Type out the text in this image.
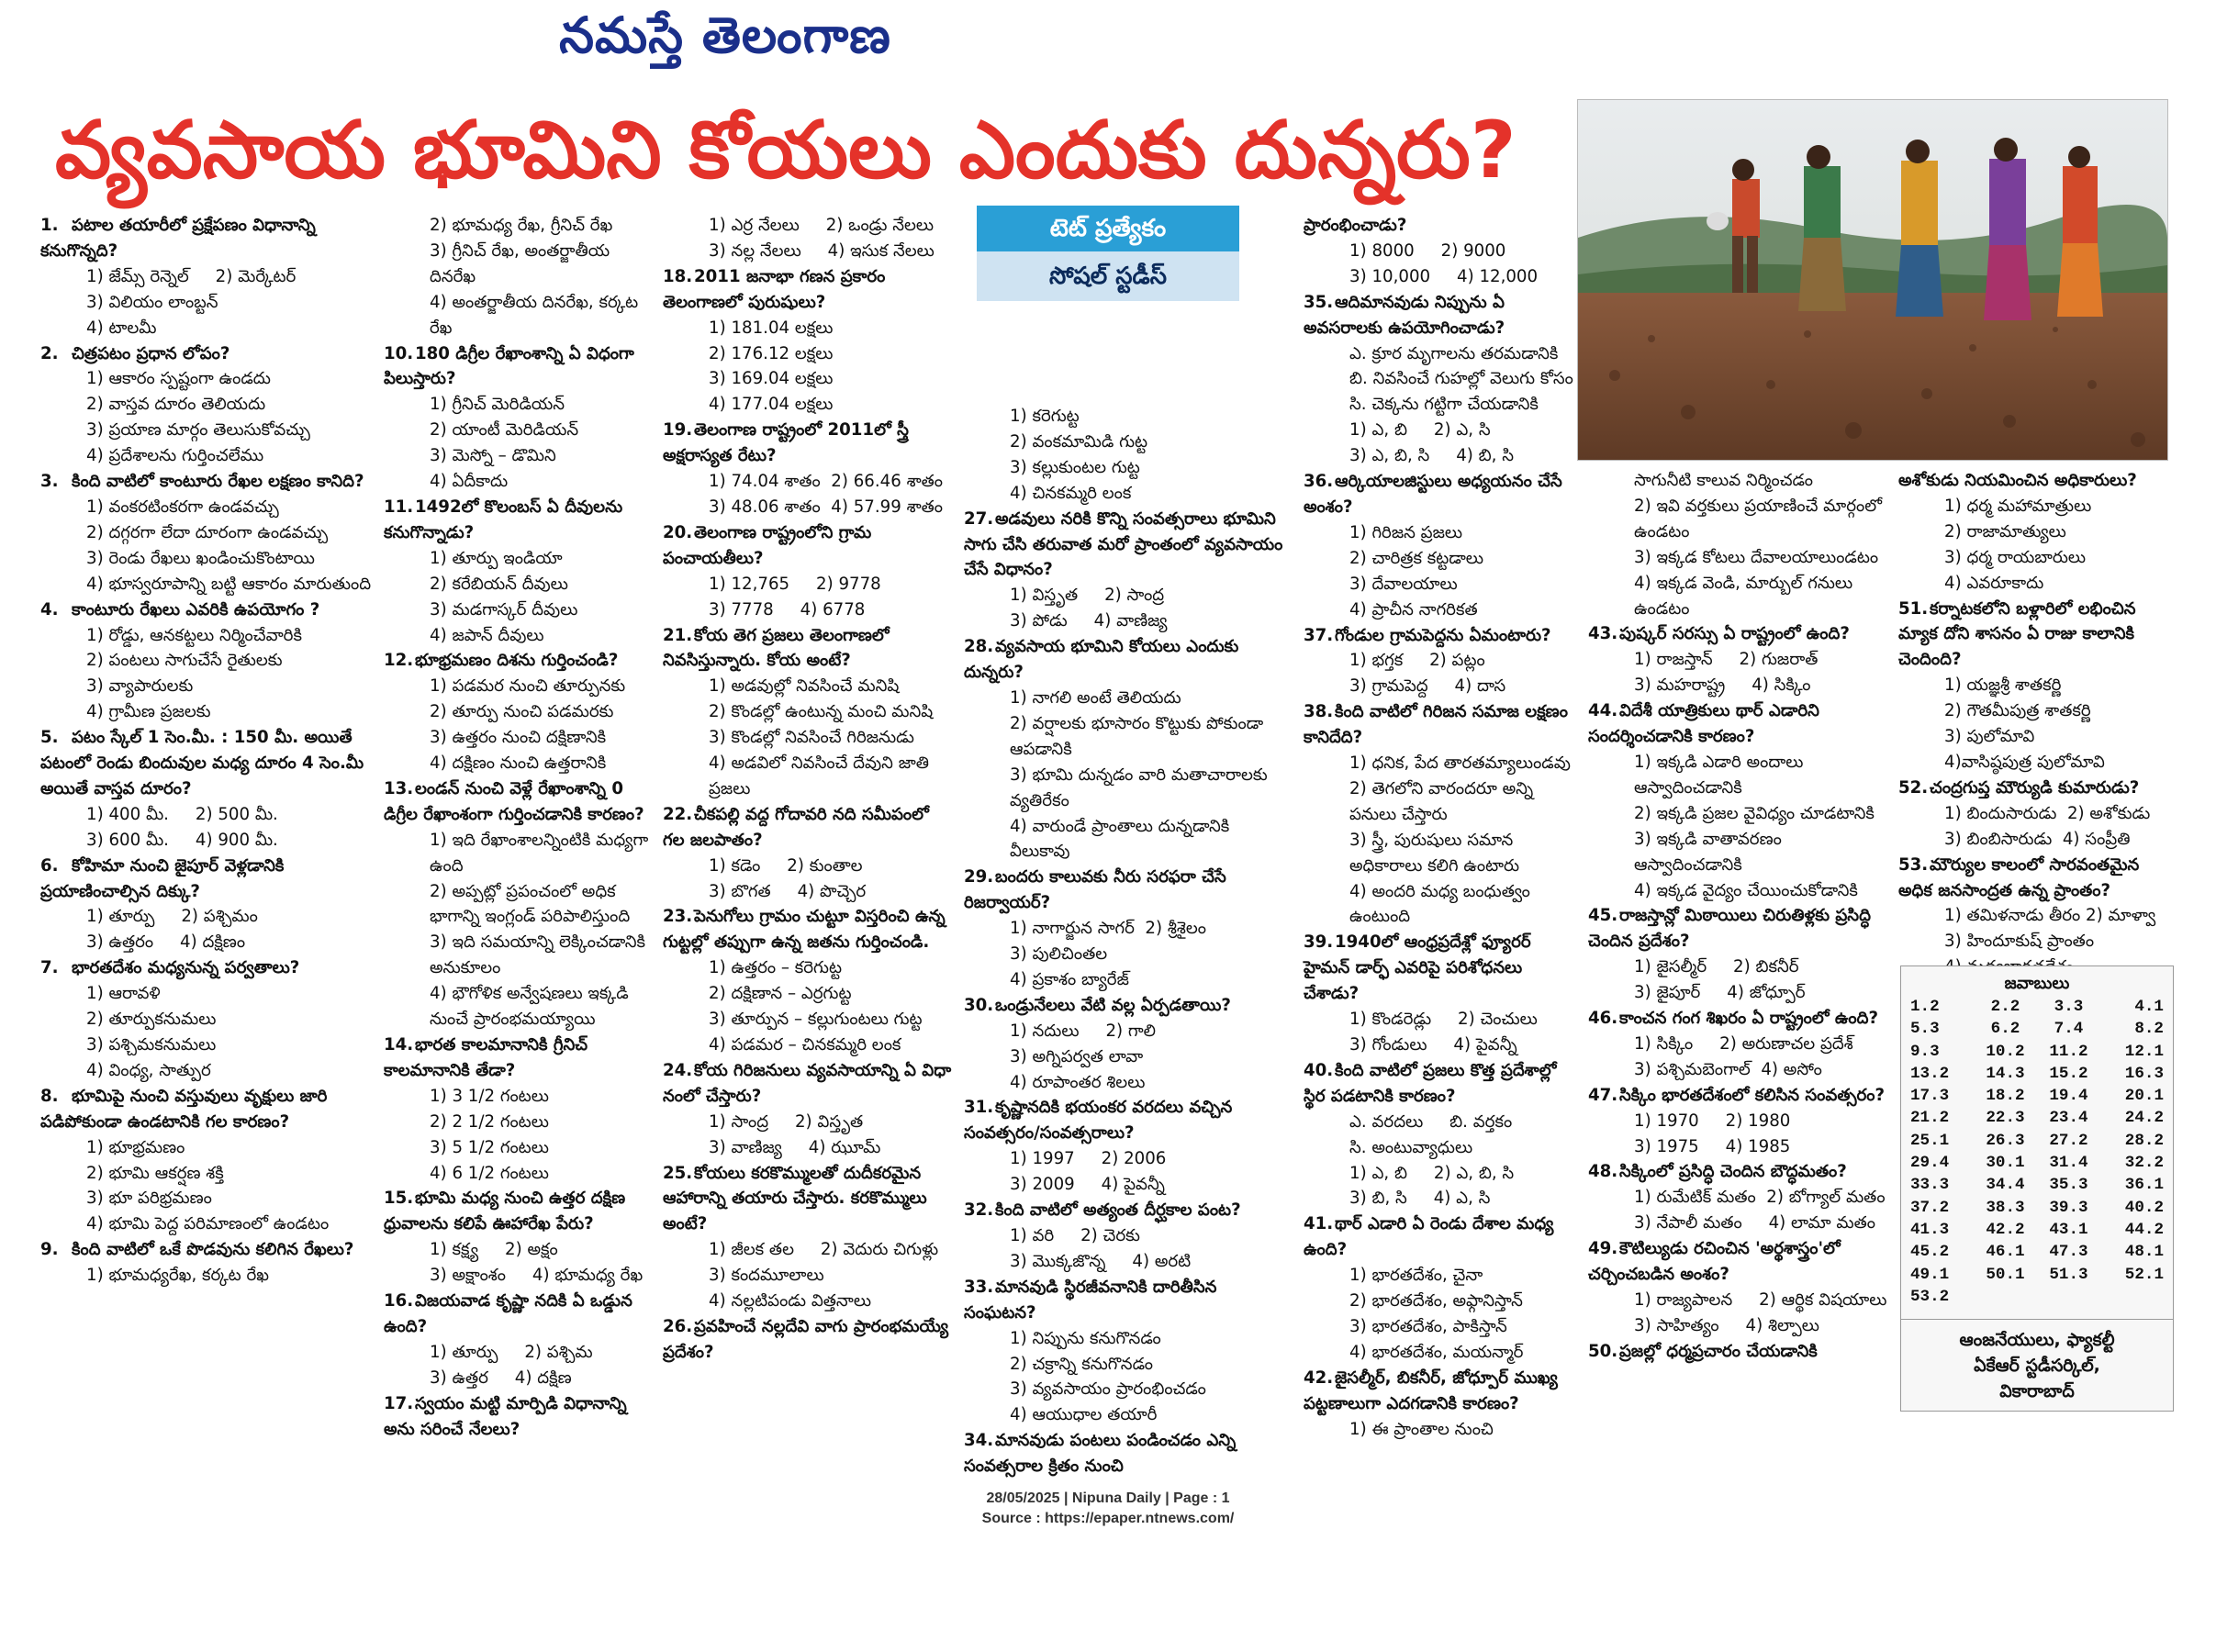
నమస్తే తెలంగాణ
వ్యవసాయ భూమిని కోయలు ఎందుకు దున్నరు?
టెట్ ప్రత్యేకం
సోషల్ స్టడీస్
1. పటాల తయారీలో ప్రక్షేపణం విధానాన్ని కనుగొన్నది?
1) జేమ్స్ రెన్నెల్     2) మెర్కేటర్
3) విలియం లాంబ్టన్
4) టాలమీ
2. చిత్రపటం ప్రధాన లోపం?
1) ఆకారం స్పష్టంగా ఉండదు
2) వాస్తవ దూరం తెలియదు
3) ప్రయాణ మార్గం తెలుసుకోవచ్చు
4) ప్రదేశాలను గుర్తించలేము
3. కింది వాటిలో కాంటూరు రేఖల లక్షణం కానిది?
1) వంకరటింకరగా ఉండవచ్చు
2) దగ్గరగా లేదా దూరంగా ఉండవచ్చు
3) రెండు రేఖలు ఖండించుకొంటాయి
4) భూస్వరూపాన్ని బట్టి ఆకారం మారుతుంది
4. కాంటూరు రేఖలు ఎవరికి ఉపయోగం ?
1) రోడ్డు, ఆనకట్టలు నిర్మించేవారికి
2) పంటలు సాగుచేసే రైతులకు
3) వ్యాపారులకు
4) గ్రామీణ ప్రజలకు
5. పటం స్కేల్ 1 సెం.మీ. : 150 మీ. అయితే పటంలో రెండు బిందువుల మధ్య దూరం 4 సెం.మీ అయితే వాస్తవ దూరం?
1) 400 మీ.     2) 500 మీ.
3) 600 మీ.     4) 900 మీ.
6. కోహిమా నుంచి జైపూర్ వెళ్లడానికి ప్రయాణించాల్సిన దిక్కు?
1) తూర్పు     2) పశ్చిమం
3) ఉత్తరం     4) దక్షిణం
7. భారతదేశం మధ్యనున్న పర్వతాలు?
1) ఆరావళి
2) తూర్పుకనుమలు
3) పశ్చిమకనుమలు
4) వింధ్య, సాత్పుర
8. భూమిపై నుంచి వస్తువులు వృక్షులు జారి పడిపోకుండా ఉండటానికి గల కారణం?
1) భూభ్రమణం
2) భూమి ఆకర్షణ శక్తి
3) భూ పరిభ్రమణం
4) భూమి పెద్ద పరిమాణంలో ఉండటం
9. కింది వాటిలో ఒకే పొడవును కలిగిన రేఖలు?
1) భూమధ్యరేఖ, కర్కట రేఖ
2) భూమధ్య రేఖ, గ్రీనిచ్ రేఖ
3) గ్రీనిచ్ రేఖ, అంతర్జాతీయ దినరేఖ
4) అంతర్జాతీయ దినరేఖ, కర్కట రేఖ
10.180 డిగ్రీల రేఖాంశాన్ని ఏ విధంగా పిలుస్తారు?
1) గ్రీనిచ్ మెరిడియన్
2) యాంటీ మెరిడియన్
3) మెస్నో – డొమిని
4) ఏదీకాదు
11.1492లో కొలంబస్ ఏ దీవులను కనుగొన్నాడు?
1) తూర్పు ఇండియా
2) కరేబియన్ దీవులు
3) మడగాస్కర్ దీవులు
4) జపాన్ దీవులు
12.భూభ్రమణం దిశను గుర్తించండి?
1) పడమర నుంచి తూర్పునకు
2) తూర్పు నుంచి పడమరకు
3) ఉత్తరం నుంచి దక్షిణానికి
4) దక్షిణం నుంచి ఉత్తరానికి
13.లండన్ నుంచి వెళ్లే రేఖాంశాన్ని 0 డిగ్రీల రేఖాంశంగా గుర్తించడానికి కారణం?
1) ఇది రేఖాంశాలన్నింటికి మధ్యగా ఉంది
2) అప్పట్లో ప్రపంచంలో అధిక భాగాన్ని ఇంగ్లండ్ పరిపాలిస్తుంది
3) ఇది సమయాన్ని లెక్కించడానికి అనుకూలం
4) భౌగోళిక అన్వేషణలు ఇక్కడి నుంచే ప్రారంభమయ్యాయి
14.భారత కాలమానానికి గ్రీనిచ్ కాలమానానికి తేడా?
1) 3 1/2 గంటలు
2) 2 1/2 గంటలు
3) 5 1/2 గంటలు
4) 6 1/2 గంటలు
15.భూమి మధ్య నుంచి ఉత్తర దక్షిణ ధ్రువాలను కలిపే ఊహారేఖ పేరు?
1) కక్ష్య     2) అక్షం
3) అక్షాంశం     4) భూమధ్య రేఖ
16.విజయవాడ కృష్ణా నదికి ఏ ఒడ్డున ఉంది?
1) తూర్పు     2) పశ్చిమ
3) ఉత్తర     4) దక్షిణ
17.స్వయం మట్టి మార్పిడి విధానాన్ని అను సరించే నేలలు?
1) ఎర్ర నేలలు     2) ఒండ్రు నేలలు
3) నల్ల నేలలు     4) ఇసుక నేలలు
18.2011 జనాభా గణన ప్రకారం తెలంగాణలో పురుషులు?
1) 181.04 లక్షలు
2) 176.12 లక్షలు
3) 169.04 లక్షలు
4) 177.04 లక్షలు
19.తెలంగాణ రాష్ట్రంలో 2011లో స్త్రీ అక్షరాస్యత రేటు?
1) 74.04 శాతం  2) 66.46 శాతం
3) 48.06 శాతం  4) 57.99 శాతం
20.తెలంగాణ రాష్ట్రంలోని గ్రామ పంచాయతీలు?
1) 12,765     2) 9778
3) 7778     4) 6778
21.కోయ తెగ ప్రజలు తెలంగాణలో నివసిస్తున్నారు. కోయ అంటే?
1) అడవుల్లో నివసించే మనిషి
2) కొండల్లో ఉంటున్న మంచి మనిషి
3) కొండల్లో నివసించే గిరిజనుడు
4) అడవిలో నివసించే దేవుని జాతి ప్రజలు
22.చీకపల్లి వద్ద గోదావరి నది సమీపంలో గల జలపాతం?
1) కడెం     2) కుంతాల
3) బొగత     4) పొచ్చెర
23.పెనుగోలు గ్రామం చుట్టూ విస్తరించి ఉన్న గుట్టల్లో తప్పుగా ఉన్న జతను గుర్తించండి.
1) ఉత్తరం – కరెగుట్ట
2) దక్షిణాన – ఎర్రగుట్ట
3) తూర్పున – కల్లుగుంటలు గుట్ట
4) పడమర – చినకమ్మరి లంక
24.కోయ గిరిజనులు వ్యవసాయాన్ని ఏ విధా నంలో చేస్తారు?
1) సాంద్ర     2) విస్తృత
3) వాణిజ్య     4) ఝూమ్
25.కోయలు కరకొమ్ములతో దుదీకరమైన ఆహారాన్ని తయారు చేస్తారు. కరకొమ్ములు అంటే?
1) జీలక తల     2) వెదురు చిగుళ్లు
3) కందమూలాలు
4) నల్లటిపండు విత్తనాలు
26.ప్రవహించే నల్లదేవి వాగు ప్రారంభమయ్యే ప్రదేశం?
1) కరెగుట్ట
2) వంకమామిడి గుట్ట
3) కల్లుకుంటల గుట్ట
4) చినకమ్మరి లంక
27.అడవులు నరికి కొన్ని సంవత్సరాలు భూమిని సాగు చేసి తరువాత మరో ప్రాంతంలో వ్యవసాయం చేసే విధానం?
1) విస్తృత     2) సాంద్ర
3) పోడు     4) వాణిజ్య
28.వ్యవసాయ భూమిని కోయలు ఎందుకు దున్నరు?
1) నాగలి అంటే తెలియదు
2) వర్షాలకు భూసారం కొట్టుకు పోకుండా ఆపడానికి
3) భూమి దున్నడం వారి మతాచారాలకు వ్యతిరేకం
4) వారుండే ప్రాంతాలు దున్నడానికి వీలుకావు
29.బందరు కాలువకు నీరు సరఫరా చేసే రిజర్వాయర్?
1) నాగార్జున సాగర్  2) శ్రీశైలం
3) పులిచింతల
4) ప్రకాశం బ్యారేజ్
30.ఒండ్రునేలలు వేటి వల్ల ఏర్పడతాయి?
1) నదులు     2) గాలి
3) అగ్నిపర్వత లావా
4) రూపాంతర శిలలు
31.కృష్ణానదికి భయంకర వరదలు వచ్చిన సంవత్సరం/సంవత్సరాలు?
1) 1997     2) 2006
3) 2009     4) పైవన్నీ
32.కింది వాటిలో అత్యంత దీర్ఘకాల పంట?
1) వరి     2) చెరకు
3) మొక్కజొన్న     4) అరటి
33.మానవుడి స్థిరజీవనానికి దారితీసిన సంఘటన?
1) నిప్పును కనుగొనడం
2) చక్రాన్ని కనుగొనడం
3) వ్యవసాయం ప్రారంభించడం
4) ఆయుధాల తయారీ
34.మానవుడు పంటలు పండించడం ఎన్ని సంవత్సరాల క్రితం నుంచి
ప్రారంభించాడు?
1) 8000     2) 9000
3) 10,000     4) 12,000
35.ఆదిమానవుడు నిప్పును ఏ అవసరాలకు ఉపయోగించాడు?
ఎ. క్రూర మృగాలను తరమడానికి
బి. నివసించే గుహల్లో వెలుగు కోసం
సి. చెక్కను గట్టిగా చేయడానికి
1) ఎ, బి     2) ఎ, సి
3) ఎ, బి, సి     4) బి, సి
36.ఆర్కియాలజిస్టులు అధ్యయనం చేసే అంశం?
1) గిరిజన ప్రజలు
2) చారిత్రక కట్టడాలు
3) దేవాలయాలు
4) ప్రాచీన నాగరికత
37.గోండుల గ్రామపెద్దను ఏమంటారు?
1) భగ్తక     2) పట్లం
3) గ్రామపెద్ద     4) దాస
38.కింది వాటిలో గిరిజన సమాజ లక్షణం కానిదేది?
1) ధనిక, పేద తారతమ్యాలుండవు
2) తెగలోని వారందరూ అన్ని పనులు చేస్తారు
3) స్త్రీ, పురుషులు సమాన అధికారాలు కలిగి ఉంటారు
4) అందరి మధ్య బంధుత్వం ఉంటుంది
39.1940లో ఆంధ్రప్రదేశ్లో ఫ్యూరర్ హైమన్ డార్ఫ్ ఎవరిపై పరిశోధనలు చేశాడు?
1) కొండరెడ్లు     2) చెంచులు
3) గోండులు     4) పైవన్నీ
40.కింది వాటిలో ప్రజలు కొత్త ప్రదేశాల్లో స్థిర పడటానికి కారణం?
ఎ. వరదలు     బి. వర్తకం
సి. అంటువ్యాధులు
1) ఎ, బి     2) ఎ, బి, సి
3) బి, సి     4) ఎ, సి
41.థార్ ఎడారి ఏ రెండు దేశాల మధ్య ఉంది?
1) భారతదేశం, చైనా
2) భారతదేశం, అఫ్గానిస్తాన్
3) భారతదేశం, పాకిస్తాన్
4) భారతదేశం, మయన్మార్
42.జైసల్మీర్, బికనీర్, జోధ్పూర్ ముఖ్య పట్టణాలుగా ఎదగడానికి కారణం?
1) ఈ ప్రాంతాల నుంచి
సాగునీటి కాలువ నిర్మించడం
2) ఇవి వర్తకులు ప్రయాణించే మార్గంలో ఉండటం
3) ఇక్కడ కోటలు దేవాలయాలుండటం
4) ఇక్కడ వెండి, మార్బుల్ గనులు ఉండటం
43.పుష్కర్ సరస్సు ఏ రాష్ట్రంలో ఉంది?
1) రాజస్తాన్     2) గుజరాత్
3) మహరాష్ట్ర     4) సిక్కిం
44.విదేశీ యాత్రికులు థార్ ఎడారిని సందర్శించడానికి కారణం?
1) ఇక్కడి ఎడారి అందాలు ఆస్వాదించడానికి
2) ఇక్కడి ప్రజల వైవిధ్యం చూడటానికి
3) ఇక్కడి వాతావరణం ఆస్వాదించడానికి
4) ఇక్కడ వైద్యం చేయించుకోడానికి
45.రాజస్తాన్లో మిఠాయిలు చిరుతిళ్లకు ప్రసిద్ధి చెందిన ప్రదేశం?
1) జైసల్మీర్     2) బికనీర్
3) జైపూర్     4) జోధ్పూర్
46.కాంచన గంగ శిఖరం ఏ రాష్ట్రంలో ఉంది?
1) సిక్కిం     2) అరుణాచల ప్రదేశ్
3) పశ్చిమబెంగాల్  4) అసోం
47.సిక్కిం భారతదేశంలో కలిసిన సంవత్సరం?
1) 1970     2) 1980
3) 1975     4) 1985
48.సిక్కింలో ప్రసిద్ధి చెందిన బౌద్ధమతం?
1) రుమేటిక్ మతం  2) బోగ్యాల్ మతం
3) నేపాలీ మతం     4) లామా మతం
49.కౌటిల్యుడు రచించిన 'అర్థశాస్త్రం'లో చర్చించబడిన అంశం?
1) రాజ్యపాలన     2) ఆర్థిక విషయాలు
3) సాహిత్యం     4) శిల్పాలు
50.ప్రజల్లో ధర్మప్రచారం చేయడానికి
అశోకుడు నియమించిన అధికారులు?
1) ధర్మ మహామాత్రులు
2) రాజామాత్యులు
3) ధర్మ రాయబారులు
4) ఎవరూకాదు
51.కర్నాటకలోని బళ్లారిలో లభించిన మ్యాక దోని శాసనం ఏ రాజు కాలానికి చెందింది?
1) యజ్ఞశ్రీ శాతకర్ణి
2) గౌతమీపుత్ర శాతకర్ణి
3) పులోమావి
4)వాసిష్ఠపుత్ర పులోమావి
52.చంద్రగుప్త మౌర్యుడి కుమారుడు?
1) బిందుసారుడు  2) అశోకుడు
3) బింబిసారుడు  4) సంప్రీతి
53.మౌర్యుల కాలంలో సారవంతమైన అధిక జనసాంద్రత ఉన్న ప్రాంతం?
1) తమిళనాడు తీరం 2) మాళ్వా
3) హిందూకుష్ ప్రాంతం
జవాబులు
1.2	2.2	3.3	4.1
5.3	6.2	7.4	8.2
9.3	10.2	11.2	12.1
13.2	14.3	15.2	16.3
17.3	18.2	19.4	20.1
21.2	22.3	23.4	24.2
25.1	26.3	27.2	28.2
29.4	30.1	31.4	32.2
33.3	34.4	35.3	36.1
37.2	38.3	39.3	40.2
41.3	42.2	43.1	44.2
45.2	46.1	47.3	48.1
49.1	50.1	51.3	52.1
53.2
ఆంజనేయులు, ఫ్యాకల్టీ
ఏకేఆర్ స్టడీసర్కిల్,
వికారాబాద్
28/05/2025 | Nipuna Daily | Page : 1
Source : https://epaper.ntnews.com/
